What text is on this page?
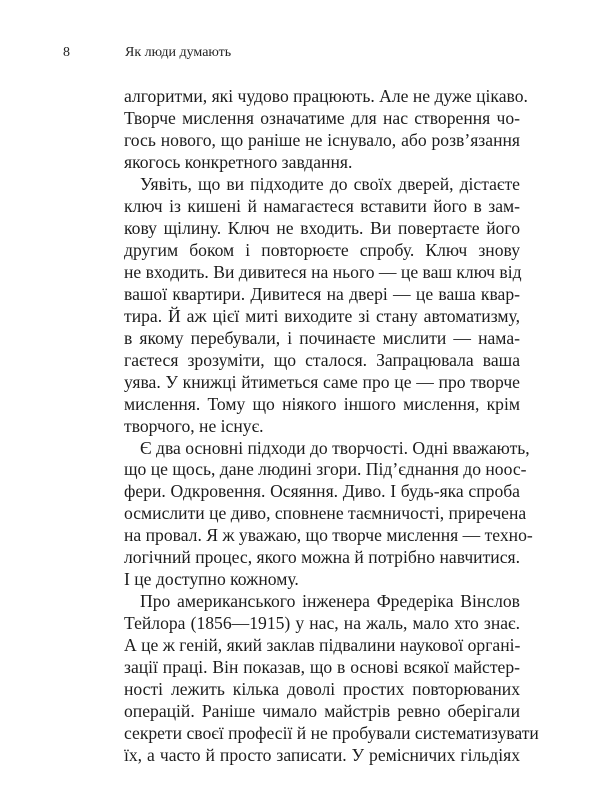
8	Як люди думають
алгоритми, які чудово працюють. Але не дуже цікаво.
Творче мислення означатиме для нас створення чо-
гось нового, що раніше не існувало, або розв’язання
якогось конкретного завдання.
Уявіть, що ви підходите до своїх дверей, дістаєте
ключ із кишені й намагаєтеся вставити його в зам-
кову щілину. Ключ не входить. Ви повертаєте його
другим боком і повторюєте спробу. Ключ знову
не входить. Ви дивитеся на нього — це ваш ключ від
вашої квартири. Дивитеся на двері — це ваша квар-
тира. Й аж цієї миті виходите зі стану автоматизму,
в якому перебували, і починаєте мислити — нама-
гаєтеся зрозуміти, що сталося. Запрацювала ваша
уява. У книжці йтиметься саме про це — про творче
мислення. Тому що ніякого іншого мислення, крім
творчого, не існує.
Є два основні підходи до творчості. Одні вважають,
що це щось, дане людині згори. Під’єднання до ноос-
фери. Одкровення. Осяяння. Диво. І будь-яка спроба
осмислити це диво, сповнене таємничості, приречена
на провал. Я ж уважаю, що творче мислення — техно-
логічний процес, якого можна й потрібно навчитися.
І це доступно кожному.
Про американського інженера Фредеріка Вінслов
Тейлора (1856—1915) у нас, на жаль, мало хто знає.
А це ж геній, який заклав підвалини наукової органі-
зації праці. Він показав, що в основі всякої майстер-
ності лежить кілька доволі простих повторюваних
операцій. Раніше чимало майстрів ревно оберігали
секрети своєї професії й не пробували систематизувати
їх, а часто й просто записати. У ремісничих гільдіях
